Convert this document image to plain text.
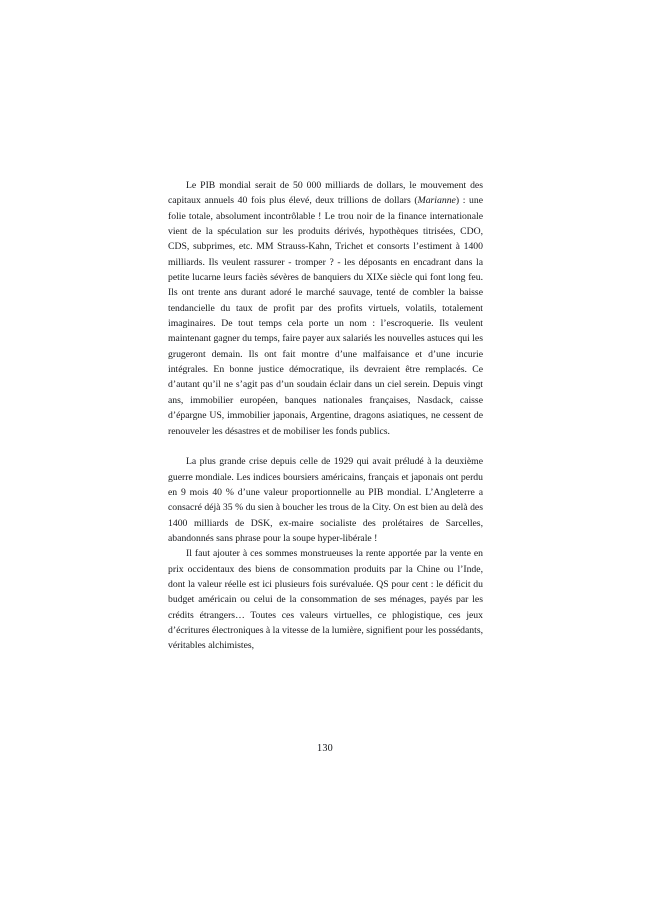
Le PIB mondial serait de 50 000 milliards de dollars, le mouvement des capitaux annuels 40 fois plus élevé, deux trillions de dollars (Marianne) : une folie totale, absolument incontrôlable ! Le trou noir de la finance internationale vient de la spéculation sur les produits dérivés, hypothèques titrisées, CDO, CDS, subprimes, etc. MM Strauss-Kahn, Trichet et consorts l’estiment à 1400 milliards. Ils veulent rassurer - tromper ? - les déposants en encadrant dans la petite lucarne leurs faciès sévères de banquiers du XIXe siècle qui font long feu. Ils ont trente ans durant adoré le marché sauvage, tenté de combler la baisse tendancielle du taux de profit par des profits virtuels, volatils, totalement imaginaires. De tout temps cela porte un nom : l’escroquerie. Ils veulent maintenant gagner du temps, faire payer aux salariés les nouvelles astuces qui les grugeront demain. Ils ont fait montre d’une malfaisance et d’une incurie intégrales. En bonne justice démocratique, ils devraient être remplacés. Ce d’autant qu’il ne s’agit pas d’un soudain éclair dans un ciel serein. Depuis vingt ans, immobilier européen, banques nationales françaises, Nasdack, caisse d’épargne US, immobilier japonais, Argentine, dragons asiatiques, ne cessent de renouveler les désastres et de mobiliser les fonds publics.

La plus grande crise depuis celle de 1929 qui avait préludé à la deuxième guerre mondiale. Les indices boursiers américains, français et japonais ont perdu en 9 mois 40 % d’une valeur proportionnelle au PIB mondial. L’Angleterre a consacré déjà 35 % du sien à boucher les trous de la City. On est bien au delà des 1400 milliards de DSK, ex-maire socialiste des prolétaires de Sarcelles, abandonnés sans phrase pour la soupe hyper-libérale !

Il faut ajouter à ces sommes monstrueuses la rente apportée par la vente en prix occidentaux des biens de consommation produits par la Chine ou l’Inde, dont la valeur réelle est ici plusieurs fois surévaluée. QS pour cent : le déficit du budget américain ou celui de la consommation de ses ménages, payés par les crédits étrangers… Toutes ces valeurs virtuelles, ce phlogistique, ces jeux d’écritures électroniques à la vitesse de la lumière, signifient pour les possédants, véritables alchimistes,

130
